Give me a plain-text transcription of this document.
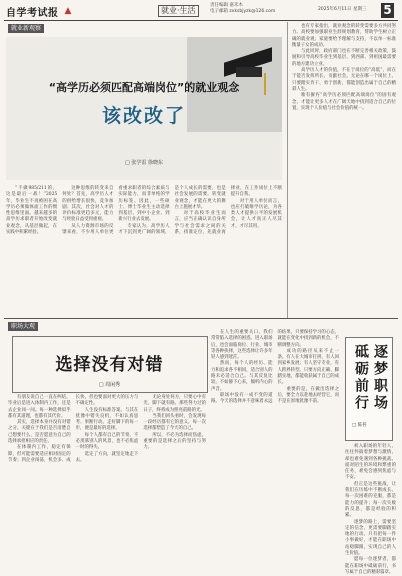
自学考试报 ▲	就业·生活
责任编辑 嘉禾木
电子邮箱 zxksbjyzk@126.com	2025年6月11日 星期三 5
就业新观察
“高学历必须匹配高端岗位”的就业观念
该改改了
□ 张学雷 徐晓东

“不做985/211的，这是最后一战！”2025年，毕业生不再被困在高学历必须做体面工作的惯性思维里面。越来越多的高学历求职者开始改变就业观念，从基层做起，在实践中积累经验。

这种思维的转变来自何处？首先，高学历人才的供给增长很快，竞争加剧；其次，社会对人才的评价标准更趋多元，能力与经验日益受到重视。

从人力资源市场的反馈来看，不少用人单位更看重求职者的综合素质与实际能力，而非单纯的学历标签。因此，一些硕士、博士毕业生主动选择到基层、到中小企业、到新兴行业去发展。

专家认为，高学历人才下沉到更广阔的领域，是个人成长的需要，也是社会发展的需要。转变就业观念，才能在更大的舞台上施展才华。

对于高校毕业生而言，应当正确认识自身所学与社会需求之间的关系，找准定位，先就业再择业，在工作岗位上不断提升自我。

对于用人单位而言，也应打破唯学历论，为各类人才提供公平的发展机会，让人才真正人尽其才、才尽其用。

也有专家指出，就业观念的转变需要多方共同努力。高校要加强职业生涯规划教育，帮助学生树立正确的就业观；家庭要给予理解与支持，不以单一标准衡量子女的成功。

与此同时，政府部门也在不断完善相关政策，鼓励和引导高校毕业生到基层、到西部、到祖国最需要的地方建功立业。

高学历人才的价值，不在于岗位的“高低”，而在于能否发挥所长、贡献社会。无论在哪一个岗位上，只要踏实肯干、勇于创新，都能创造出属于自己的精彩人生。

唯有摒弃“高学历必须匹配高端岗位”的固有观念，才能让更多人才在广阔天地中找到适合自己的位置，实现个人价值与社会价值的统一。

职场大观
选择没有对错
□ 周闲秀

有朋友说自己一直在纠结，毕业后是进入体制内工作，还是去企业闯一闯。每一种选择似乎都有其道理，也都有其代价。

其实，选择本身并没有对错之分。关键在于我们是否清楚自己想要什么，是否愿意为自己的选择承担相应的责任。

在体制内工作，稳定有保障，但可能需要适应相对固定的节奏；到企业闯荡，机会多、成长快，但也要面对更大的压力与不确定性。

人生没有标准答案。与其在犹豫中错失良机，不如认真思考、果断行动。走好脚下的每一步，便是最好的选择。

每个人都有自己的节奏，不必羡慕别人的风景，也不必焦虑一时的得失。

选定了方向，就坚定地走下去。

无论身处何方，只要心中有光，脚下就有路。那些努力过的日子，终将成为照亮前路的光。

当我们回头看时，会发现每一段经历都有它的意义，每一次选择都塑造了今天的自己。

所以，不必为选择而焦虑，重要的是选择之后的坚持与努力。

在人生的重要关口，我们常常陷入选择的困惑。进入职场后，也会面临岗位、行业、城市等各种抉择，这些选择让许多年轻人感到迷茫。

然而，每个人的经历、能力和追求各不相同，适合别人的路未必适合自己。与其反复比较，不如静下心来，倾听内心的声音。

职场中没有一成不变的道路。今天的选择并不意味着永远的结果，只要保持学习的心态，就能在变化中找到新的机会，不断调整方向。

成功的路径从来不止一条。有人在大城市打拼，有人回到家乡发展；有人坚守专业，有人跨界转型。只要方向正确、脚踏实地，都能收获属于自己的成长。

重要的是，在做出选择之后，要全力以赴地去经营它，而不是在原地犹豫不前。	逐梦职场
砥砺前行
□ 陈苔

初入职场的年轻人，往往怀揣着梦想与激情，却也难免遇到各种挑战。面对陌生的环境和繁重的任务，难免会感到焦虑与不安。

但正是这些挑战，让我们在历练中不断成长。每一次困难的克服，都是能力的提升；每一次失败的反思，都是经验的积累。

逐梦的路上，需要坚定的信念，更需要脚踏实地的行动。只有把每一件小事做好，才能在职场中站稳脚跟，实现自己的人生价值。

愿每一位逐梦者，都能在职场中砥砺前行，书写属于自己的精彩篇章。
